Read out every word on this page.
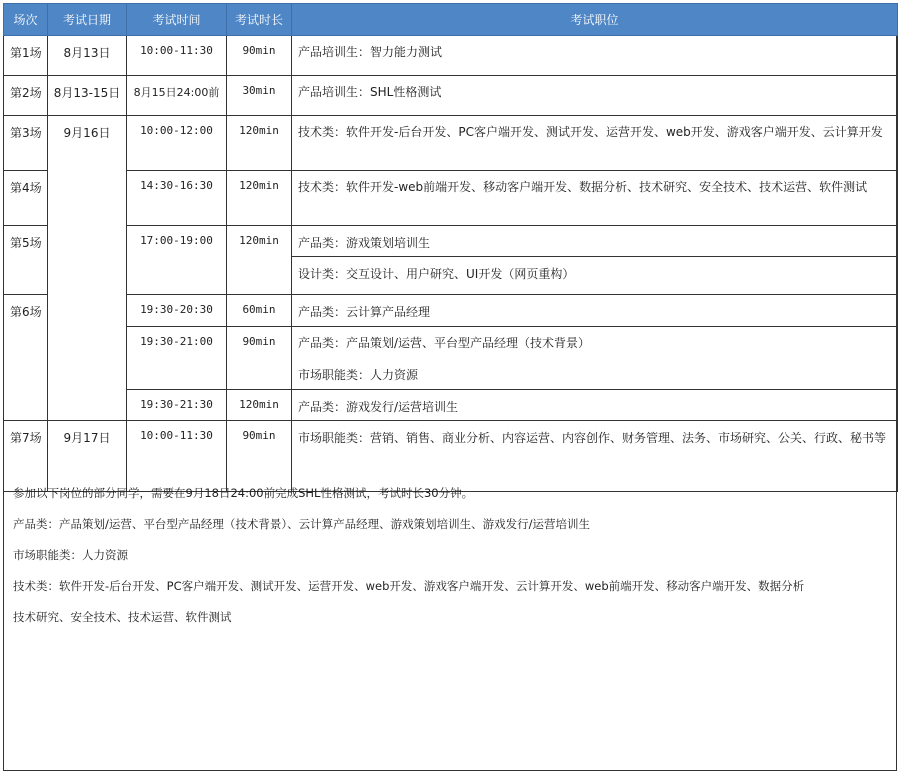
场次	考试日期	考试时间	考试时长	考试职位
第1场	8月13日	10:00-11:30	90min	产品培训生：智力能力测试

第2场	8月13-15日	8月15日24:00前	30min	产品培训生：SHL性格测试

第3场	9月16日	10:00-12:00	120min	技术类：软件开发-后台开发、PC客户端开发、测试开发、运营开发、web开发、游戏客户端开发、云计算开发

第4场		14:30-16:30	120min	技术类：软件开发-web前端开发、移动客户端开发、数据分析、技术研究、安全技术、技术运营、软件测试

第5场		17:00-19:00	120min	产品类：游戏策划培训生
设计类：交互设计、用户研究、UI开发（网页重构）

第6场		19:30-20:30	60min	产品类：云计算产品经理

		19:30-21:00	90min	产品类：产品策划/运营、平台型产品经理（技术背景）
市场职能类：人力资源

		19:30-21:30	120min	产品类：游戏发行/运营培训生

第7场	9月17日	10:00-11:30	90min	市场职能类：营销、销售、商业分析、内容运营、内容创作、财务管理、法务、市场研究、公关、行政、秘书等

参加以下岗位的部分同学，需要在9月18日24:00前完成SHL性格测试，考试时长30分钟。

产品类：产品策划/运营、平台型产品经理（技术背景）、云计算产品经理、游戏策划培训生、游戏发行/运营培训生

市场职能类：人力资源

技术类：软件开发-后台开发、PC客户端开发、测试开发、运营开发、web开发、游戏客户端开发、云计算开发、web前端开发、移动客户端开发、数据分析

技术研究、安全技术、技术运营、软件测试
